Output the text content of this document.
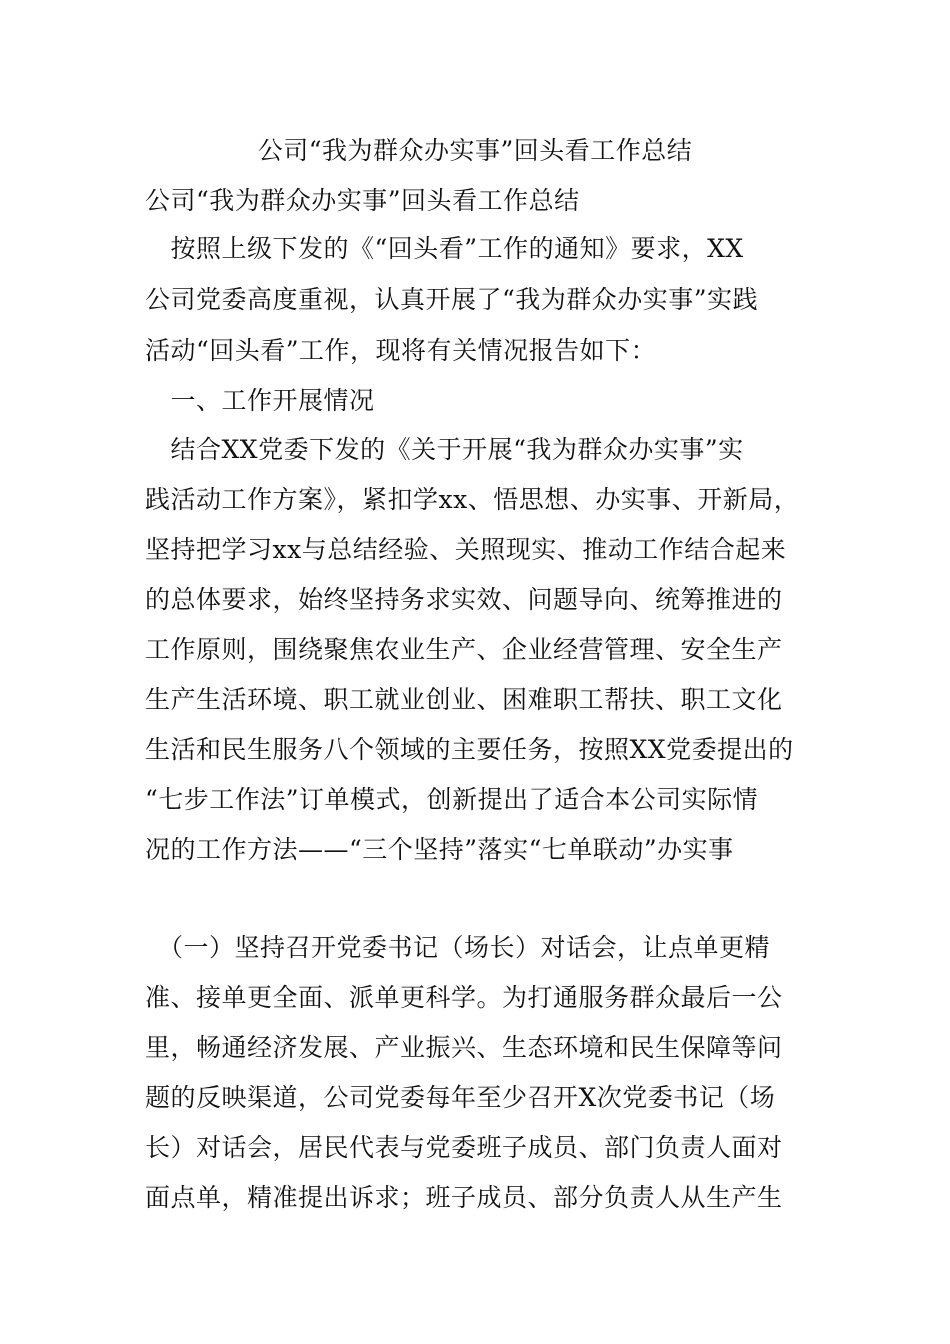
公司“我为群众办实事”回头看工作总结
公司“我为群众办实事”回头看工作总结
　按照上级下发的《“回头看”工作的通知》要求，XX
公司党委高度重视，认真开展了“我为群众办实事”实践
活动“回头看”工作，现将有关情况报告如下：
　一、工作开展情况
　结合XX党委下发的《关于开展“我为群众办实事”实
践活动工作方案》，紧扣学xx、悟思想、办实事、开新局，
坚持把学习xx与总结经验、关照现实、推动工作结合起来
的总体要求，始终坚持务求实效、问题导向、统筹推进的
工作原则，围绕聚焦农业生产、企业经营管理、安全生产
生产生活环境、职工就业创业、困难职工帮扶、职工文化
生活和民生服务八个领域的主要任务，按照XX党委提出的
“七步工作法”订单模式，创新提出了适合本公司实际情
况的工作方法——“三个坚持”落实“七单联动”办实事
　（一）坚持召开党委书记（场长）对话会，让点单更精
准、接单更全面、派单更科学。为打通服务群众最后一公
里，畅通经济发展、产业振兴、生态环境和民生保障等问
题的反映渠道，公司党委每年至少召开X次党委书记（场
长）对话会，居民代表与党委班子成员、部门负责人面对
面点单，精准提出诉求；班子成员、部分负责人从生产生
